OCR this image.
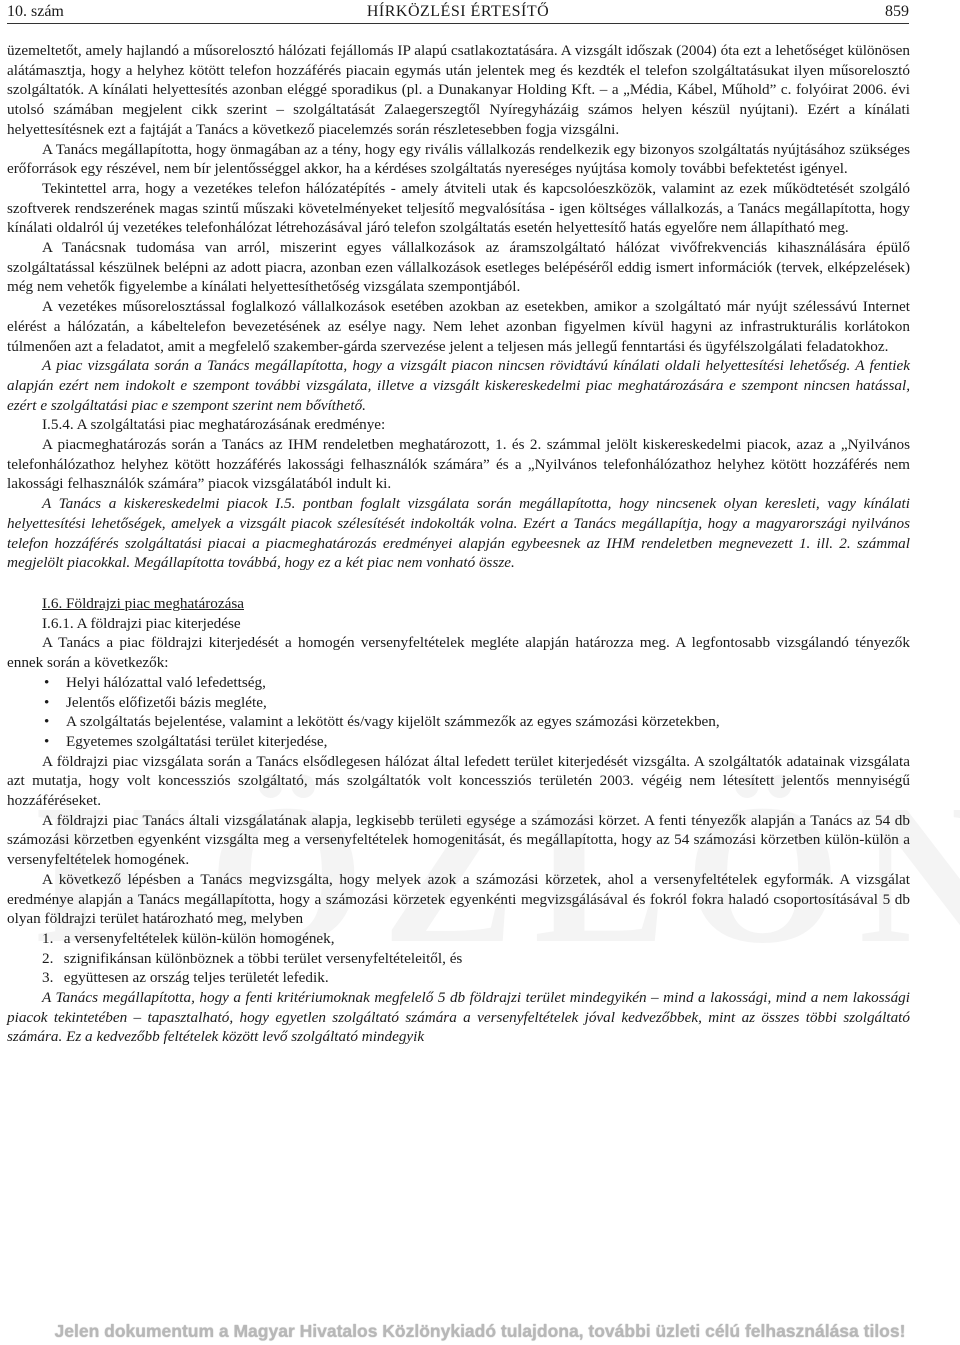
10. szám	HÍRKÖZLÉSI ÉRTESÍTŐ	859

üzemeltetőt, amely hajlandó a műsorelosztó hálózati fejállomás IP alapú csatlakoztatására. A vizsgált időszak (2004) óta ezt a lehetőséget különösen alátámasztja, hogy a helyhez kötött telefon hozzáférés piacain egymás után jelentek meg és kezdték el telefon szolgáltatásukat ilyen műsorelosztó szolgáltatók. A kínálati helyettesítés azonban eléggé sporadikus (pl. a Dunakanyar Holding Kft. – a „Média, Kábel, Műhold” c. folyóirat 2006. évi utolsó számában megjelent cikk szerint – szolgáltatását Zalaegerszegtől Nyíregyházáig számos helyen készül nyújtani). Ezért a kínálati helyettesítésnek ezt a fajtáját a Tanács a következő piacelemzés során részletesebben fogja vizsgálni.

A Tanács megállapította, hogy önmagában az a tény, hogy egy rivális vállalkozás rendelkezik egy bizonyos szolgáltatás nyújtásához szükséges erőforrások egy részével, nem bír jelentősséggel akkor, ha a kérdéses szolgáltatás nyereséges nyújtása komoly további befektetést igényel.

Tekintettel arra, hogy a vezetékes telefon hálózatépítés - amely átviteli utak és kapcsolóeszközök, valamint az ezek működtetését szolgáló szoftverek rendszerének magas szintű műszaki követelményeket teljesítő megvalósítása - igen költséges vállalkozás, a Tanács megállapította, hogy kínálati oldalról új vezetékes telefonhálózat létrehozásával járó telefon szolgáltatás esetén helyettesítő hatás egyelőre nem állapítható meg.

A Tanácsnak tudomása van arról, miszerint egyes vállalkozások az áramszolgáltató hálózat vivőfrekvenciás kihasználására épülő szolgáltatással készülnek belépni az adott piacra, azonban ezen vállalkozások esetleges belépéséről eddig ismert információk (tervek, elképzelések) még nem vehetők figyelembe a kínálati helyettesíthetőség vizsgálata szempontjából.

A vezetékes műsorelosztással foglalkozó vállalkozások esetében azokban az esetekben, amikor a szolgáltató már nyújt szélessávú Internet elérést a hálózatán, a kábeltelefon bevezetésének az esélye nagy. Nem lehet azonban figyelmen kívül hagyni az infrastrukturális korlátokon túlmenően azt a feladatot, amit a megfelelő szakember-gárda szervezése jelent a teljesen más jellegű fenntartási és ügyfélszolgálati feladatokhoz.

A piac vizsgálata során a Tanács megállapította, hogy a vizsgált piacon nincsen rövidtávú kínálati oldali helyettesítési lehetőség. A fentiek alapján ezért nem indokolt e szempont további vizsgálata, illetve a vizsgált kiskereskedelmi piac meghatározására e szempont nincsen hatással, ezért e szolgáltatási piac e szempont szerint nem bővíthető.

I.5.4. A szolgáltatási piac meghatározásának eredménye:

A piacmeghatározás során a Tanács az IHM rendeletben meghatározott, 1. és 2. számmal jelölt kiskereskedelmi piacok, azaz a „Nyilvános telefonhálózathoz helyhez kötött hozzáférés lakossági felhasználók számára” és a „Nyilvános telefonhálózathoz helyhez kötött hozzáférés nem lakossági felhasználók számára” piacok vizsgálatából indult ki.

A Tanács a kiskereskedelmi piacok I.5. pontban foglalt vizsgálata során megállapította, hogy nincsenek olyan keresleti, vagy kínálati helyettesítési lehetőségek, amelyek a vizsgált piacok szélesítését indokolták volna. Ezért a Tanács megállapítja, hogy a magyarországi nyilvános telefon hozzáférés szolgáltatási piacai a piacmeghatározás eredményei alapján egybeesnek az IHM rendeletben megnevezett 1. ill. 2. számmal megjelölt piacokkal. Megállapította továbbá, hogy ez a két piac nem vonható össze.

I.6. Földrajzi piac meghatározása

I.6.1. A földrajzi piac kiterjedése

A Tanács a piac földrajzi kiterjedését a homogén versenyfeltételek megléte alapján határozza meg. A legfontosabb vizsgálandó tényezők ennek során a következők:

• Helyi hálózattal való lefedettség,
• Jelentős előfizetői bázis megléte,
• A szolgáltatás bejelentése, valamint a lekötött és/vagy kijelölt számmezők az egyes számozási körzetekben,
• Egyetemes szolgáltatási terület kiterjedése,

A földrajzi piac vizsgálata során a Tanács elsődlegesen hálózat által lefedett terület kiterjedését vizsgálta. A szolgáltatók adatainak vizsgálata azt mutatja, hogy volt koncessziós szolgáltató, más szolgáltatók volt koncessziós területén 2003. végéig nem létesített jelentős mennyiségű hozzáféréseket.

A földrajzi piac Tanács általi vizsgálatának alapja, legkisebb területi egysége a számozási körzet. A fenti tényezők alapján a Tanács az 54 db számozási körzetben egyenként vizsgálta meg a versenyfeltételek homogenitását, és megállapította, hogy az 54 számozási körzetben külön-külön a versenyfeltételek homogének.

A következő lépésben a Tanács megvizsgálta, hogy melyek azok a számozási körzetek, ahol a versenyfeltételek egyformák. A vizsgálat eredménye alapján a Tanács megállapította, hogy a számozási körzetek egyenkénti megvizsgálásával és fokról fokra haladó csoportosításával 5 db olyan földrajzi terület határozható meg, melyben

1. a versenyfeltételek külön-külön homogének,
2. szignifikánsan különböznek a többi terület versenyfeltételeitől, és
3. együttesen az ország teljes területét lefedik.

A Tanács megállapította, hogy a fenti kritériumoknak megfelelő 5 db földrajzi terület mindegyikén – mind a lakossági, mind a nem lakossági piacok tekintetében – tapasztalható, hogy egyetlen szolgáltató számára a versenyfeltételek jóval kedvezőbbek, mint az összes többi szolgáltató számára. Ez a kedvezőbb feltételek között levő szolgáltató mindegyik

Jelen dokumentum a Magyar Hivatalos Közlönykiadó tulajdona, további üzleti célú felhasználása tilos!
